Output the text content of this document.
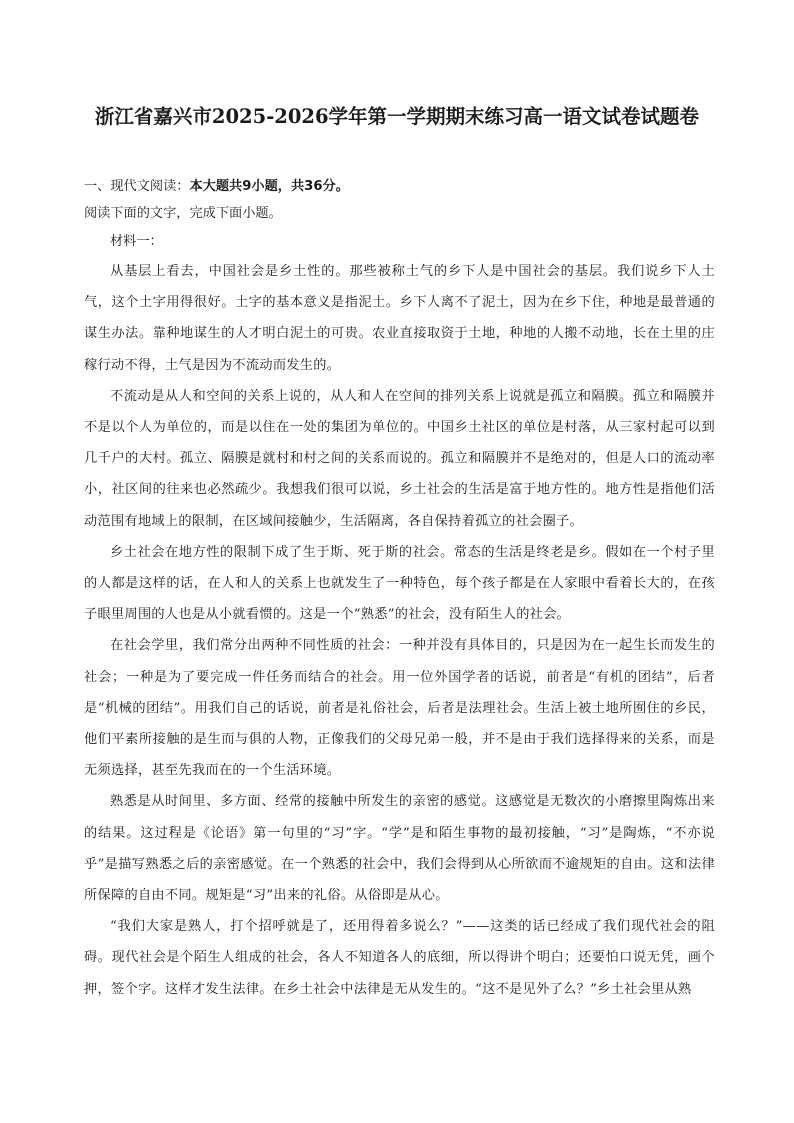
浙江省嘉兴市2025-2026学年第一学期期末练习高一语文试卷试题卷

一、现代文阅读：本大题共9小题，共36分。

阅读下面的文字，完成下面小题。

材料一：

从基层上看去，中国社会是乡土性的。那些被称土气的乡下人是中国社会的基层。我们说乡下人土气，这个土字用得很好。土字的基本意义是指泥土。乡下人离不了泥土，因为在乡下住，种地是最普通的谋生办法。靠种地谋生的人才明白泥土的可贵。农业直接取资于土地，种地的人搬不动地，长在土里的庄稼行动不得，土气是因为不流动而发生的。

不流动是从人和空间的关系上说的，从人和人在空间的排列关系上说就是孤立和隔膜。孤立和隔膜并不是以个人为单位的，而是以住在一处的集团为单位的。中国乡土社区的单位是村落，从三家村起可以到几千户的大村。孤立、隔膜是就村和村之间的关系而说的。孤立和隔膜并不是绝对的，但是人口的流动率小，社区间的往来也必然疏少。我想我们很可以说，乡土社会的生活是富于地方性的。地方性是指他们活动范围有地域上的限制，在区域间接触少，生活隔离，各自保持着孤立的社会圈子。

乡土社会在地方性的限制下成了生于斯、死于斯的社会。常态的生活是终老是乡。假如在一个村子里的人都是这样的话，在人和人的关系上也就发生了一种特色，每个孩子都是在人家眼中看着长大的，在孩子眼里周围的人也是从小就看惯的。这是一个“熟悉”的社会，没有陌生人的社会。

在社会学里，我们常分出两种不同性质的社会：一种并没有具体目的，只是因为在一起生长而发生的社会；一种是为了要完成一件任务而结合的社会。用一位外国学者的话说，前者是“有机的团结”，后者是“机械的团结”。用我们自己的话说，前者是礼俗社会，后者是法理社会。生活上被土地所囿住的乡民，他们平素所接触的是生而与俱的人物，正像我们的父母兄弟一般，并不是由于我们选择得来的关系，而是无须选择，甚至先我而在的一个生活环境。

熟悉是从时间里、多方面、经常的接触中所发生的亲密的感觉。这感觉是无数次的小磨擦里陶炼出来的结果。这过程是《论语》第一句里的“习”字。“学”是和陌生事物的最初接触，“习”是陶炼，“不亦说乎”是描写熟悉之后的亲密感觉。在一个熟悉的社会中，我们会得到从心所欲而不逾规矩的自由。这和法律所保障的自由不同。规矩是“习”出来的礼俗。从俗即是从心。

“我们大家是熟人，打个招呼就是了，还用得着多说么？”——这类的话已经成了我们现代社会的阻碍。现代社会是个陌生人组成的社会，各人不知道各人的底细，所以得讲个明白；还要怕口说无凭，画个押，签个字。这样才发生法律。在乡土社会中法律是无从发生的。“这不是见外了么？”乡土社会里从熟
